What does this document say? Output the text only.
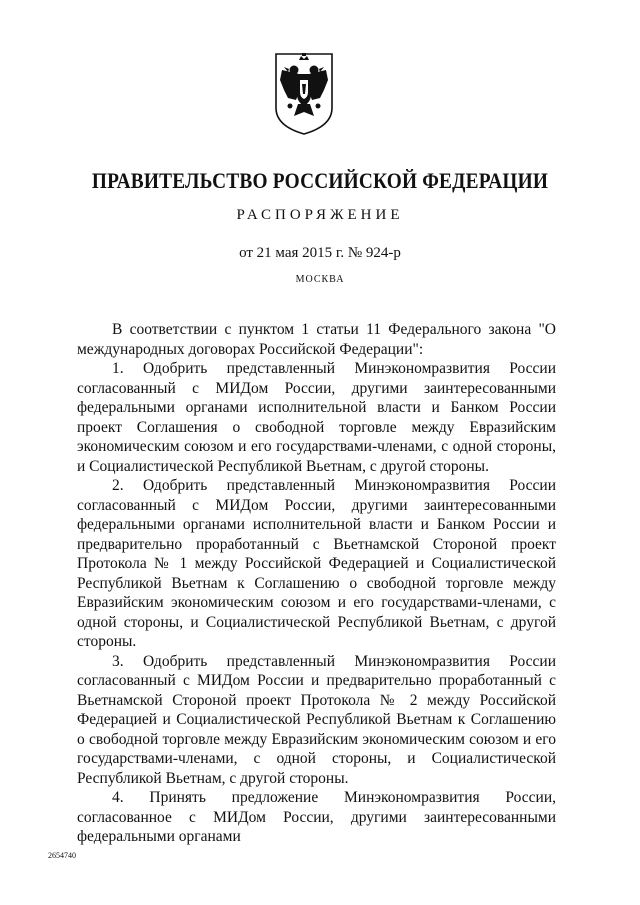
ПРАВИТЕЛЬСТВО РОССИЙСКОЙ ФЕДЕРАЦИИ
РАСПОРЯЖЕНИЕ
от 21 мая 2015 г. № 924-р
МОСКВА

В соответствии с пунктом 1 статьи 11 Федерального закона "О международных договорах Российской Федерации":

1. Одобрить представленный Минэкономразвития России согласованный с МИДом России, другими заинтересованными федеральными органами исполнительной власти и Банком России проект Соглашения о свободной торговле между Евразийским экономическим союзом и его государствами-членами, с одной стороны, и Социалистической Республикой Вьетнам, с другой стороны.

2. Одобрить представленный Минэкономразвития России согласованный с МИДом России, другими заинтересованными федеральными органами исполнительной власти и Банком России и предварительно проработанный с Вьетнамской Стороной проект Протокола № 1 между Российской Федерацией и Социалистической Республикой Вьетнам к Соглашению о свободной торговле между Евразийским экономическим союзом и его государствами-членами, с одной стороны, и Социалистической Республикой Вьетнам, с другой стороны.

3. Одобрить представленный Минэкономразвития России согласованный с МИДом России и предварительно проработанный с Вьетнамской Стороной проект Протокола № 2 между Российской Федерацией и Социалистической Республикой Вьетнам к Соглашению о свободной торговле между Евразийским экономическим союзом и его государствами-членами, с одной стороны, и Социалистической Республикой Вьетнам, с другой стороны.

4. Принять предложение Минэкономразвития России, согласованное с МИДом России, другими заинтересованными федеральными органами

2654740
